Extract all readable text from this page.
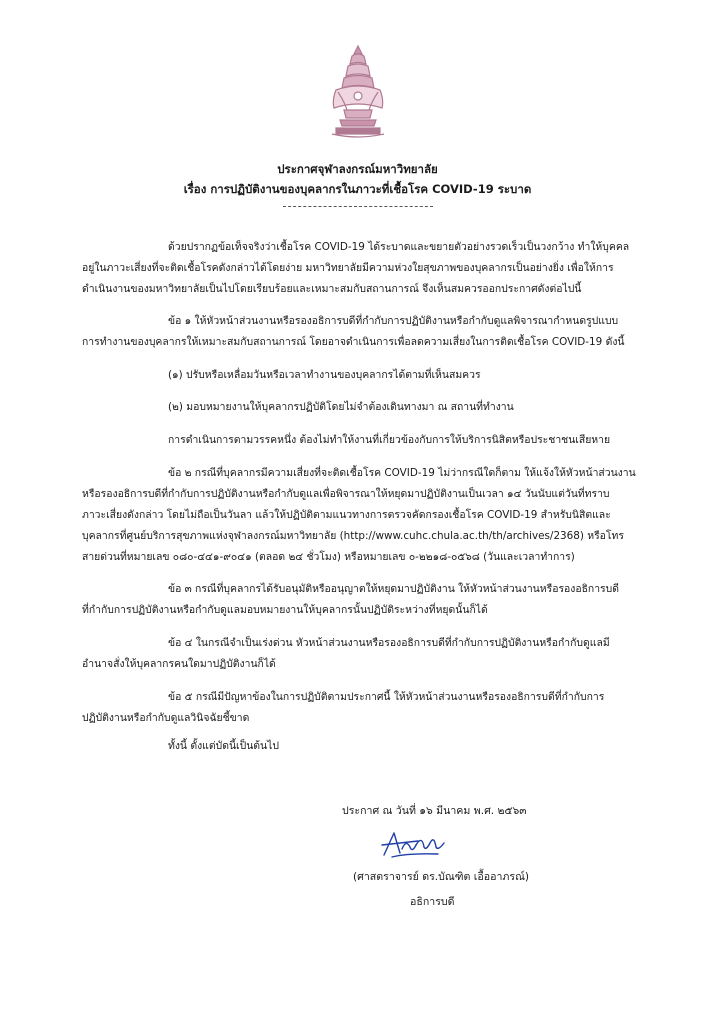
ประกาศจุฬาลงกรณ์มหาวิทยาลัย
เรื่อง การปฏิบัติงานของบุคลากรในภาวะที่เชื้อโรค COVID-19 ระบาด
ด้วยปรากฏข้อเท็จจริงว่าเชื้อโรค COVID-19 ได้ระบาดและขยายตัวอย่างรวดเร็วเป็นวงกว้าง ทำให้บุคคล
อยู่ในภาวะเสี่ยงที่จะติดเชื้อโรคดังกล่าวได้โดยง่าย มหาวิทยาลัยมีความห่วงใยสุขภาพของบุคลากรเป็นอย่างยิ่ง เพื่อให้การ
ดำเนินงานของมหาวิทยาลัยเป็นไปโดยเรียบร้อยและเหมาะสมกับสถานการณ์ จึงเห็นสมควรออกประกาศดังต่อไปนี้
ข้อ ๑ ให้หัวหน้าส่วนงานหรือรองอธิการบดีที่กำกับการปฏิบัติงานหรือกำกับดูแลพิจารณากำหนดรูปแบบ
การทำงานของบุคลากรให้เหมาะสมกับสถานการณ์ โดยอาจดำเนินการเพื่อลดความเสี่ยงในการติดเชื้อโรค COVID-19 ดังนี้
(๑) ปรับหรือเหลื่อมวันหรือเวลาทำงานของบุคลากรได้ตามที่เห็นสมควร
(๒) มอบหมายงานให้บุคลากรปฏิบัติโดยไม่จำต้องเดินทางมา ณ สถานที่ทำงาน
การดำเนินการตามวรรคหนึ่ง ต้องไม่ทำให้งานที่เกี่ยวข้องกับการให้บริการนิสิตหรือประชาชนเสียหาย
ข้อ ๒ กรณีที่บุคลากรมีความเสี่ยงที่จะติดเชื้อโรค COVID-19 ไม่ว่ากรณีใดก็ตาม ให้แจ้งให้หัวหน้าส่วนงาน
หรือรองอธิการบดีที่กำกับการปฏิบัติงานหรือกำกับดูแลเพื่อพิจารณาให้หยุดมาปฏิบัติงานเป็นเวลา ๑๔ วันนับแต่วันที่ทราบ
ภาวะเสี่ยงดังกล่าว โดยไม่ถือเป็นวันลา แล้วให้ปฏิบัติตามแนวทางการตรวจคัดกรองเชื้อโรค COVID-19 สำหรับนิสิตและ
บุคลากรที่ศูนย์บริการสุขภาพแห่งจุฬาลงกรณ์มหาวิทยาลัย (http://www.cuhc.chula.ac.th/th/archives/2368) หรือโทร
สายด่วนที่หมายเลข ๐๘๐-๔๔๑-๙๐๔๑ (ตลอด ๒๔ ชั่วโมง) หรือหมายเลข ๐-๒๒๑๘-๐๕๖๘ (วันและเวลาทำการ)
ข้อ ๓ กรณีที่บุคลากรได้รับอนุมัติหรืออนุญาตให้หยุดมาปฏิบัติงาน ให้หัวหน้าส่วนงานหรือรองอธิการบดี
ที่กำกับการปฏิบัติงานหรือกำกับดูแลมอบหมายงานให้บุคลากรนั้นปฏิบัติระหว่างที่หยุดนั้นก็ได้
ข้อ ๔ ในกรณีจำเป็นเร่งด่วน หัวหน้าส่วนงานหรือรองอธิการบดีที่กำกับการปฏิบัติงานหรือกำกับดูแลมี
อำนาจสั่งให้บุคลากรคนใดมาปฏิบัติงานก็ได้
ข้อ ๕ กรณีมีปัญหาข้องในการปฏิบัติตามประกาศนี้ ให้หัวหน้าส่วนงานหรือรองอธิการบดีที่กำกับการ
ปฏิบัติงานหรือกำกับดูแลวินิจฉัยชี้ขาด
ทั้งนี้ ตั้งแต่บัดนี้เป็นต้นไป
ประกาศ ณ วันที่ ๑๖ มีนาคม พ.ศ. ๒๕๖๓
(ศาสตราจารย์ ดร.บัณฑิต เอื้ออาภรณ์)
อธิการบดี
